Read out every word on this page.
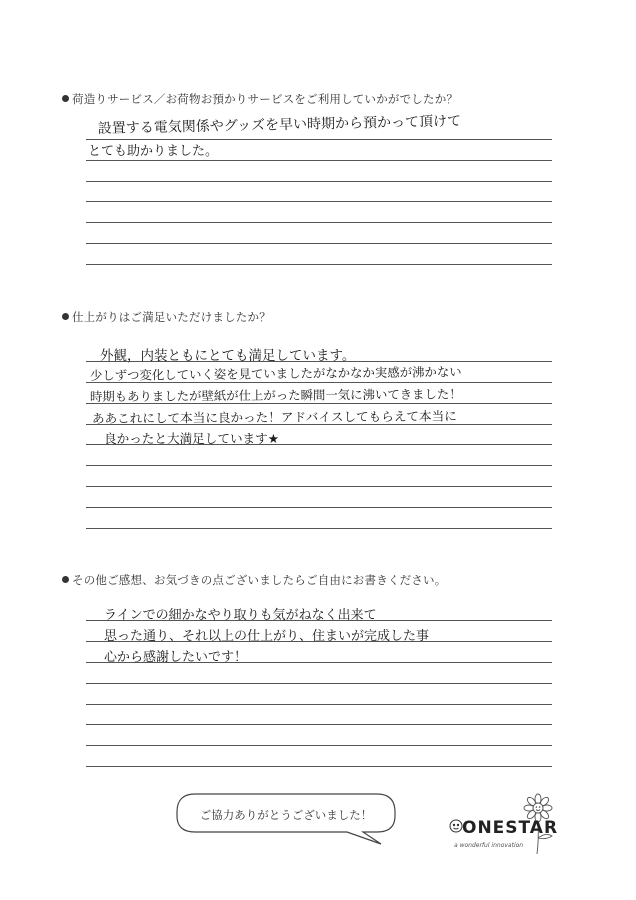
荷造りサービス／お荷物お預かりサービスをご利用していかがでしたか？
設置する電気関係やグッズを早い時期から預かって頂けて
とても助かりました。
仕上がりはご満足いただけましたか？
外観，内装ともにとても満足しています。
少しずつ変化していく姿を見ていましたがなかなか実感が沸かない
時期もありましたが壁紙が仕上がった瞬間一気に沸いてきました！
ああこれにして本当に良かった！アドバイスしてもらえて本当に
良かったと大満足しています★
その他ご感想、お気づきの点ございましたらご自由にお書きください。
ラインでの細かなやり取りも気がねなく出来て
思った通り、それ以上の仕上がり、住まいが完成した事
心から感謝したいです！
ご協力ありがとうございました！
ONESTAR
a wonderful innovation
